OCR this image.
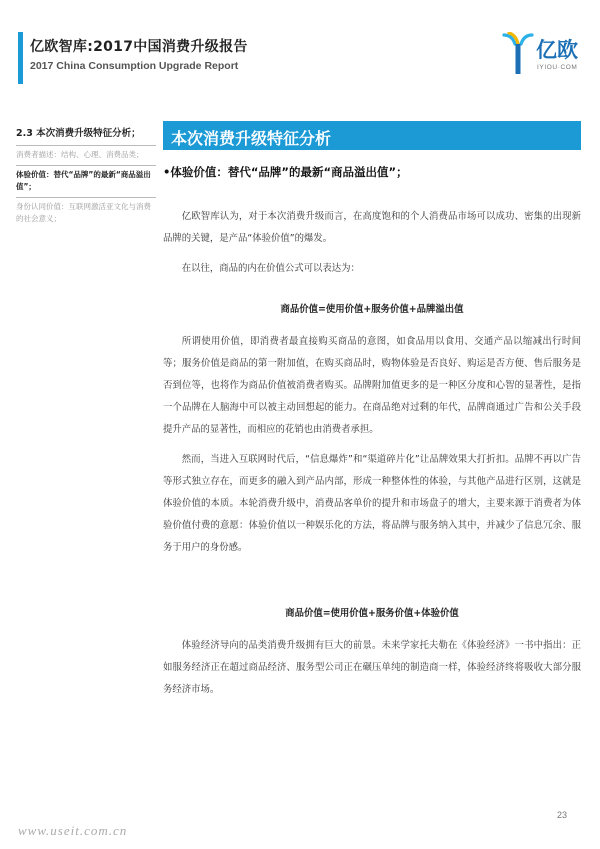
亿欧智库:2017中国消费升级报告
2017 China Consumption Upgrade Report
亿欧
IYIOU·COM
2.3 本次消费升级特征分析；
消费者描述：结构、心理、消费品类；
体验价值：替代“品牌”的最新“商品溢出值”；
身份认同价值：互联网激活亚文化与消费的社会意义；
本次消费升级特征分析
•体验价值：替代“品牌”的最新“商品溢出值”；

亿欧智库认为，对于本次消费升级而言，在高度饱和的个人消费品市场可以成功、密集的出现新品牌的关键，是产品“体验价值”的爆发。

在以往，商品的内在价值公式可以表达为：

商品价值=使用价值+服务价值+品牌溢出值

所谓使用价值，即消费者最直接购买商品的意图，如食品用以食用、交通产品以缩减出行时间等；服务价值是商品的第一附加值，在购买商品时，购物体验是否良好、购运是否方便、售后服务是否到位等，也将作为商品价值被消费者购买。品牌附加值更多的是一种区分度和心智的显著性，是指一个品牌在人脑海中可以被主动回想起的能力。在商品绝对过剩的年代，品牌商通过广告和公关手段提升产品的显著性，而相应的花销也由消费者承担。

然而，当进入互联网时代后，“信息爆炸”和“渠道碎片化”让品牌效果大打折扣。品牌不再以广告等形式独立存在，而更多的融入到产品内部，形成一种整体性的体验，与其他产品进行区别，这就是体验价值的本质。本轮消费升级中，消费品客单价的提升和市场盘子的增大，主要来源于消费者为体验价值付费的意愿：体验价值以一种娱乐化的方法，将品牌与服务纳入其中，并减少了信息冗余、服务于用户的身份感。

商品价值=使用价值+服务价值+体验价值

体验经济导向的品类消费升级拥有巨大的前景。未来学家托夫勒在《体验经济》一书中指出：正如服务经济正在超过商品经济、服务型公司正在碾压单纯的制造商一样，体验经济终将吸收大部分服务经济市场。

23
www.useit.com.cn
